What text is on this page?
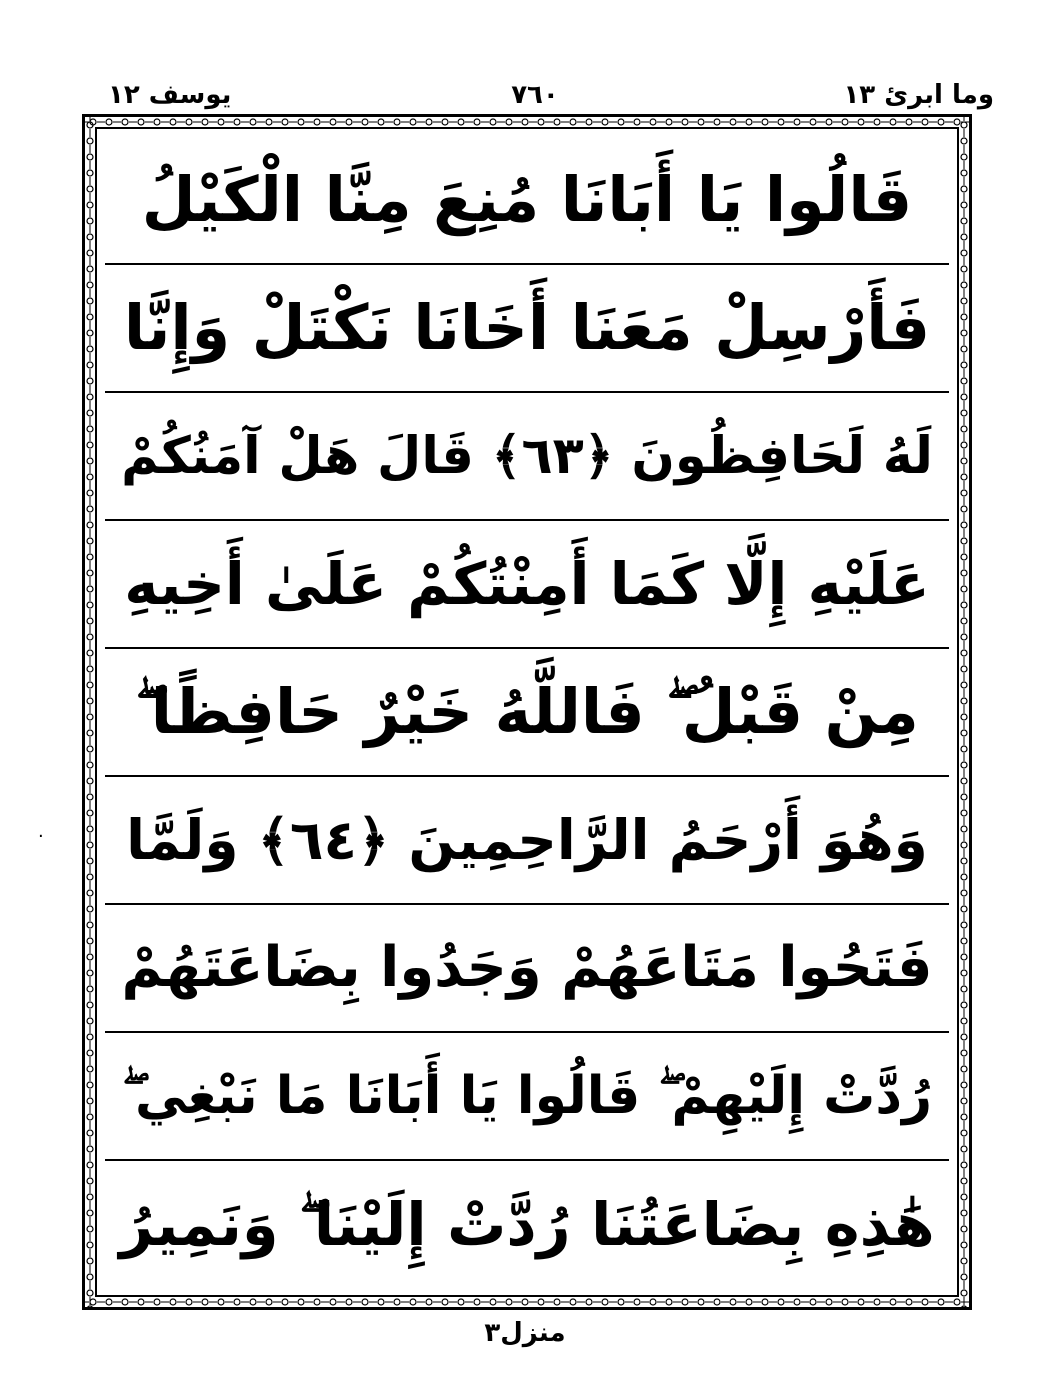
وما ابرئ ١٣
٧٦٠
يوسف ١٢
·
قَالُوا يَا أَبَانَا مُنِعَ مِنَّا الْكَيْلُ
فَأَرْسِلْ مَعَنَا أَخَانَا نَكْتَلْ وَإِنَّا
لَهُ لَحَافِظُونَ ﴿٦٣﴾ قَالَ هَلْ آمَنُكُمْ
عَلَيْهِ إِلَّا كَمَا أَمِنْتُكُمْ عَلَىٰ أَخِيهِ
مِنْ قَبْلُ ۖ فَاللَّهُ خَيْرٌ حَافِظًا ۖ
وَهُوَ أَرْحَمُ الرَّاحِمِينَ ﴿٦٤﴾ وَلَمَّا
فَتَحُوا مَتَاعَهُمْ وَجَدُوا بِضَاعَتَهُمْ
رُدَّتْ إِلَيْهِمْ ۖ قَالُوا يَا أَبَانَا مَا نَبْغِي ۖ
هَٰذِهِ بِضَاعَتُنَا رُدَّتْ إِلَيْنَا ۖ وَنَمِيرُ
منزل٣
